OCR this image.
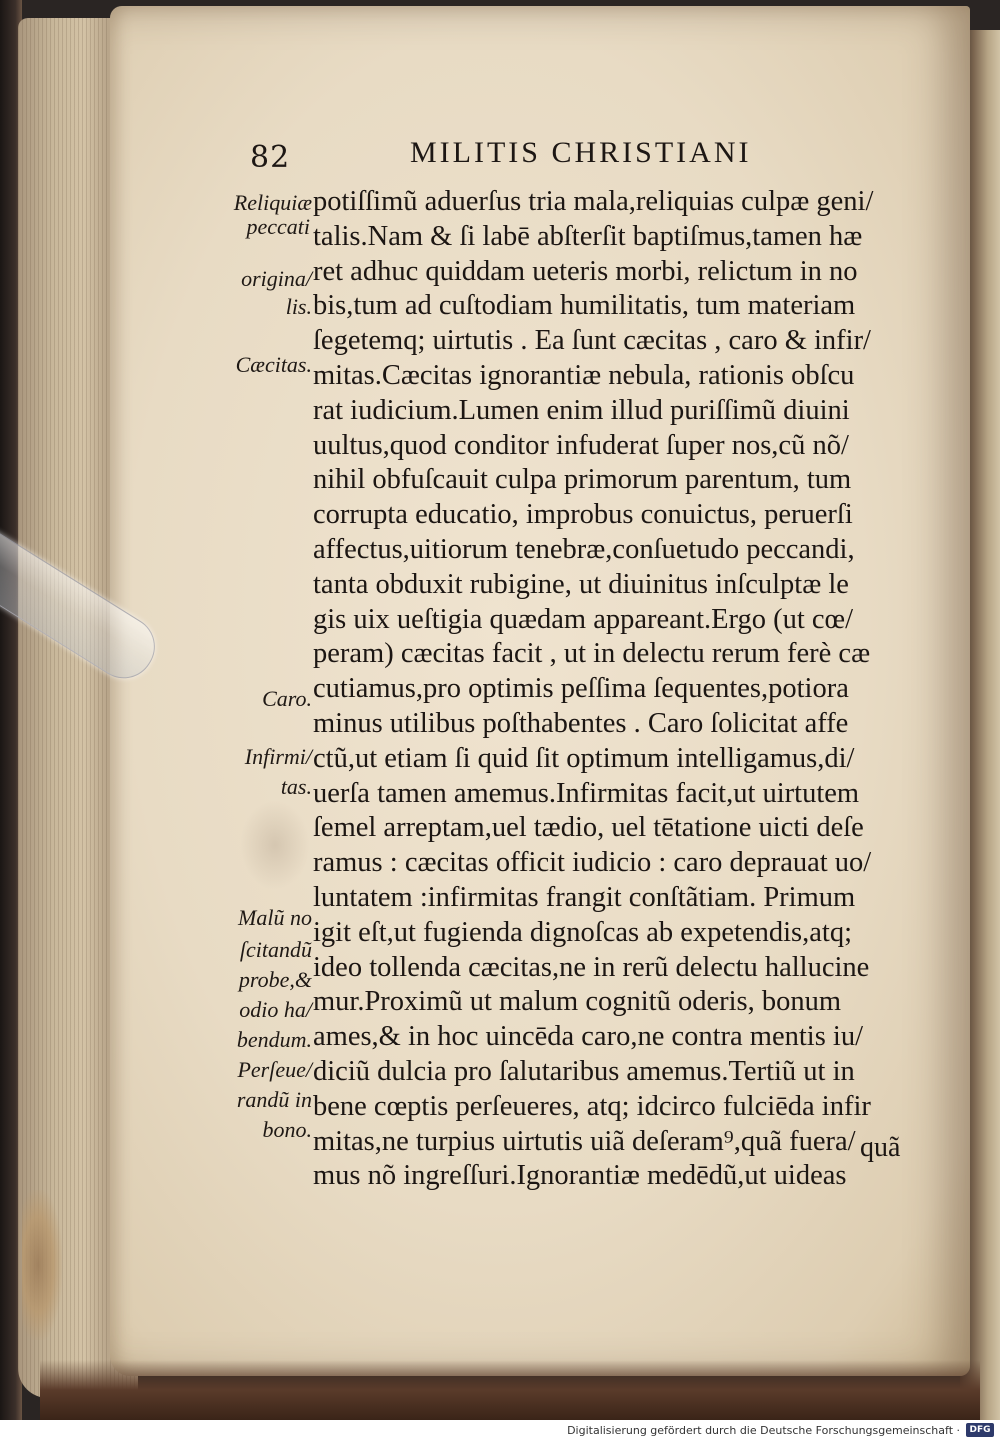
82	MILITIS CHRISTIANI
Reliquiæ
peccati
origina/
lis.
Cæcitas.
Caro.
Infirmi/
tas.
Malũ no
ſcitandũ
probe,&
odio ha/
bendum.
Perſeue/
randũ in
bono.
potiſſimũ aduerſus tria mala,reliquias culpæ geni/
talis.Nam & ſi labē abſterſit baptiſmus,tamen hæ
ret adhuc quiddam ueteris morbi, relictum in no
bis,tum ad cuſtodiam humilitatis, tum materiam
ſegetemq; uirtutis . Ea ſunt cæcitas , caro & infir/
mitas.Cæcitas ignorantiæ nebula, rationis obſcu
rat iudicium.Lumen enim illud puriſſimũ diuini
uultus,quod conditor infuderat ſuper nos,cũ nõ/
nihil obfuſcauit culpa primorum parentum, tum
corrupta educatio, improbus conuictus, peruerſi
affectus,uitiorum tenebræ,conſuetudo peccandi,
tanta obduxit rubigine, ut diuinitus inſculptæ le
gis uix ueſtigia quædam appareant.Ergo (ut cœ/
peram) cæcitas facit , ut in delectu rerum ferè cæ
cutiamus,pro optimis peſſima ſequentes,potiora
minus utilibus poſthabentes . Caro ſolicitat affe
ctũ,ut etiam ſi quid ſit optimum intelligamus,di/
uerſa tamen amemus.Infirmitas facit,ut uirtutem
ſemel arreptam,uel tædio, uel tētatione uicti deſe
ramus : cæcitas officit iudicio : caro deprauat uo/
luntatem :infirmitas frangit conſtãtiam. Primum
igit eſt,ut fugienda dignoſcas ab expetendis,atq;
ideo tollenda cæcitas,ne in rerũ delectu hallucine
mur.Proximũ ut malum cognitũ oderis, bonum
ames,& in hoc uincēda caro,ne contra mentis iu/
diciũ dulcia pro ſalutaribus amemus.Tertiũ ut in
bene cœptis perſeueres, atq; idcirco fulciēda infir
mitas,ne turpius uirtutis uiã deſeram⁹,quã fuera/
mus nõ ingreſſuri.Ignorantiæ medēdũ,ut uideas
quã
Digitalisierung gefördert durch die Deutsche Forschungsgemeinschaft ·	DFG
